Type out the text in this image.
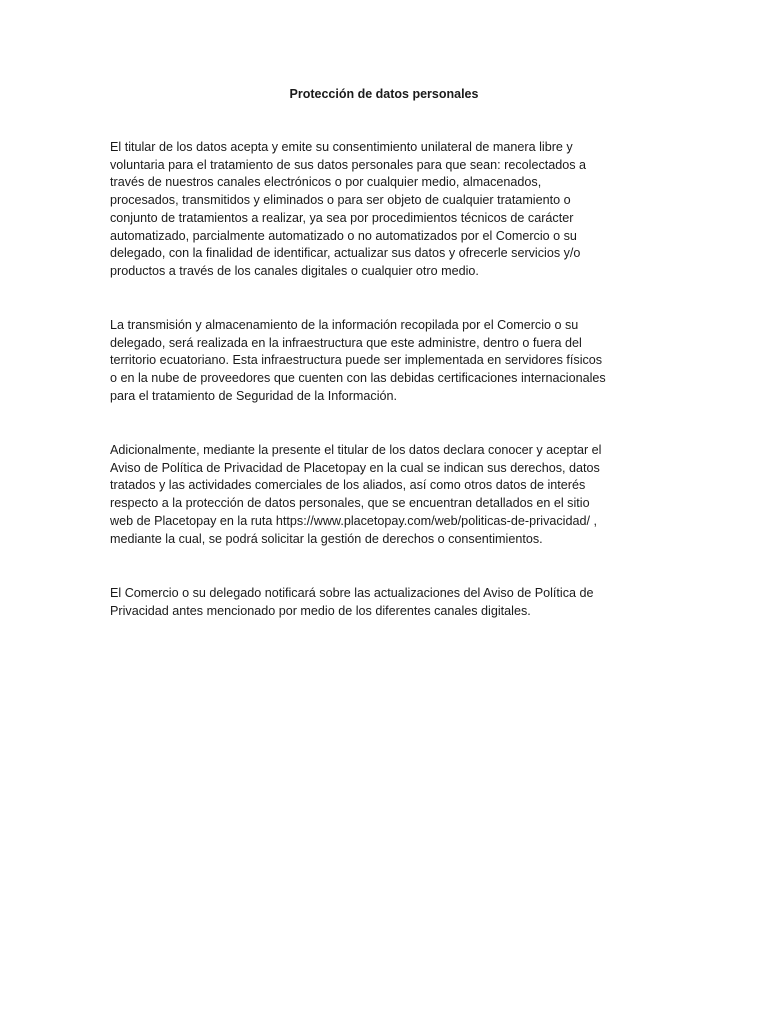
Protección de datos personales

El titular de los datos acepta y emite su consentimiento unilateral de manera libre y
voluntaria para el tratamiento de sus datos personales para que sean: recolectados a
través de nuestros canales electrónicos o por cualquier medio, almacenados,
procesados, transmitidos y eliminados o para ser objeto de cualquier tratamiento o
conjunto de tratamientos a realizar, ya sea por procedimientos técnicos de carácter
automatizado, parcialmente automatizado o no automatizados por el Comercio o su
delegado, con la finalidad de identificar, actualizar sus datos y ofrecerle servicios y/o
productos a través de los canales digitales o cualquier otro medio.

La transmisión y almacenamiento de la información recopilada por el Comercio o su
delegado, será realizada en la infraestructura que este administre, dentro o fuera del
territorio ecuatoriano. Esta infraestructura puede ser implementada en servidores físicos
o en la nube de proveedores que cuenten con las debidas certificaciones internacionales
para el tratamiento de Seguridad de la Información.

Adicionalmente, mediante la presente el titular de los datos declara conocer y aceptar el
Aviso de Política de Privacidad de Placetopay en la cual se indican sus derechos, datos
tratados y las actividades comerciales de los aliados, así como otros datos de interés
respecto a la protección de datos personales, que se encuentran detallados en el sitio
web de Placetopay en la ruta https://www.placetopay.com/web/politicas-de-privacidad/ ,
mediante la cual, se podrá solicitar la gestión de derechos o consentimientos.

El Comercio o su delegado notificará sobre las actualizaciones del Aviso de Política de
Privacidad antes mencionado por medio de los diferentes canales digitales.
